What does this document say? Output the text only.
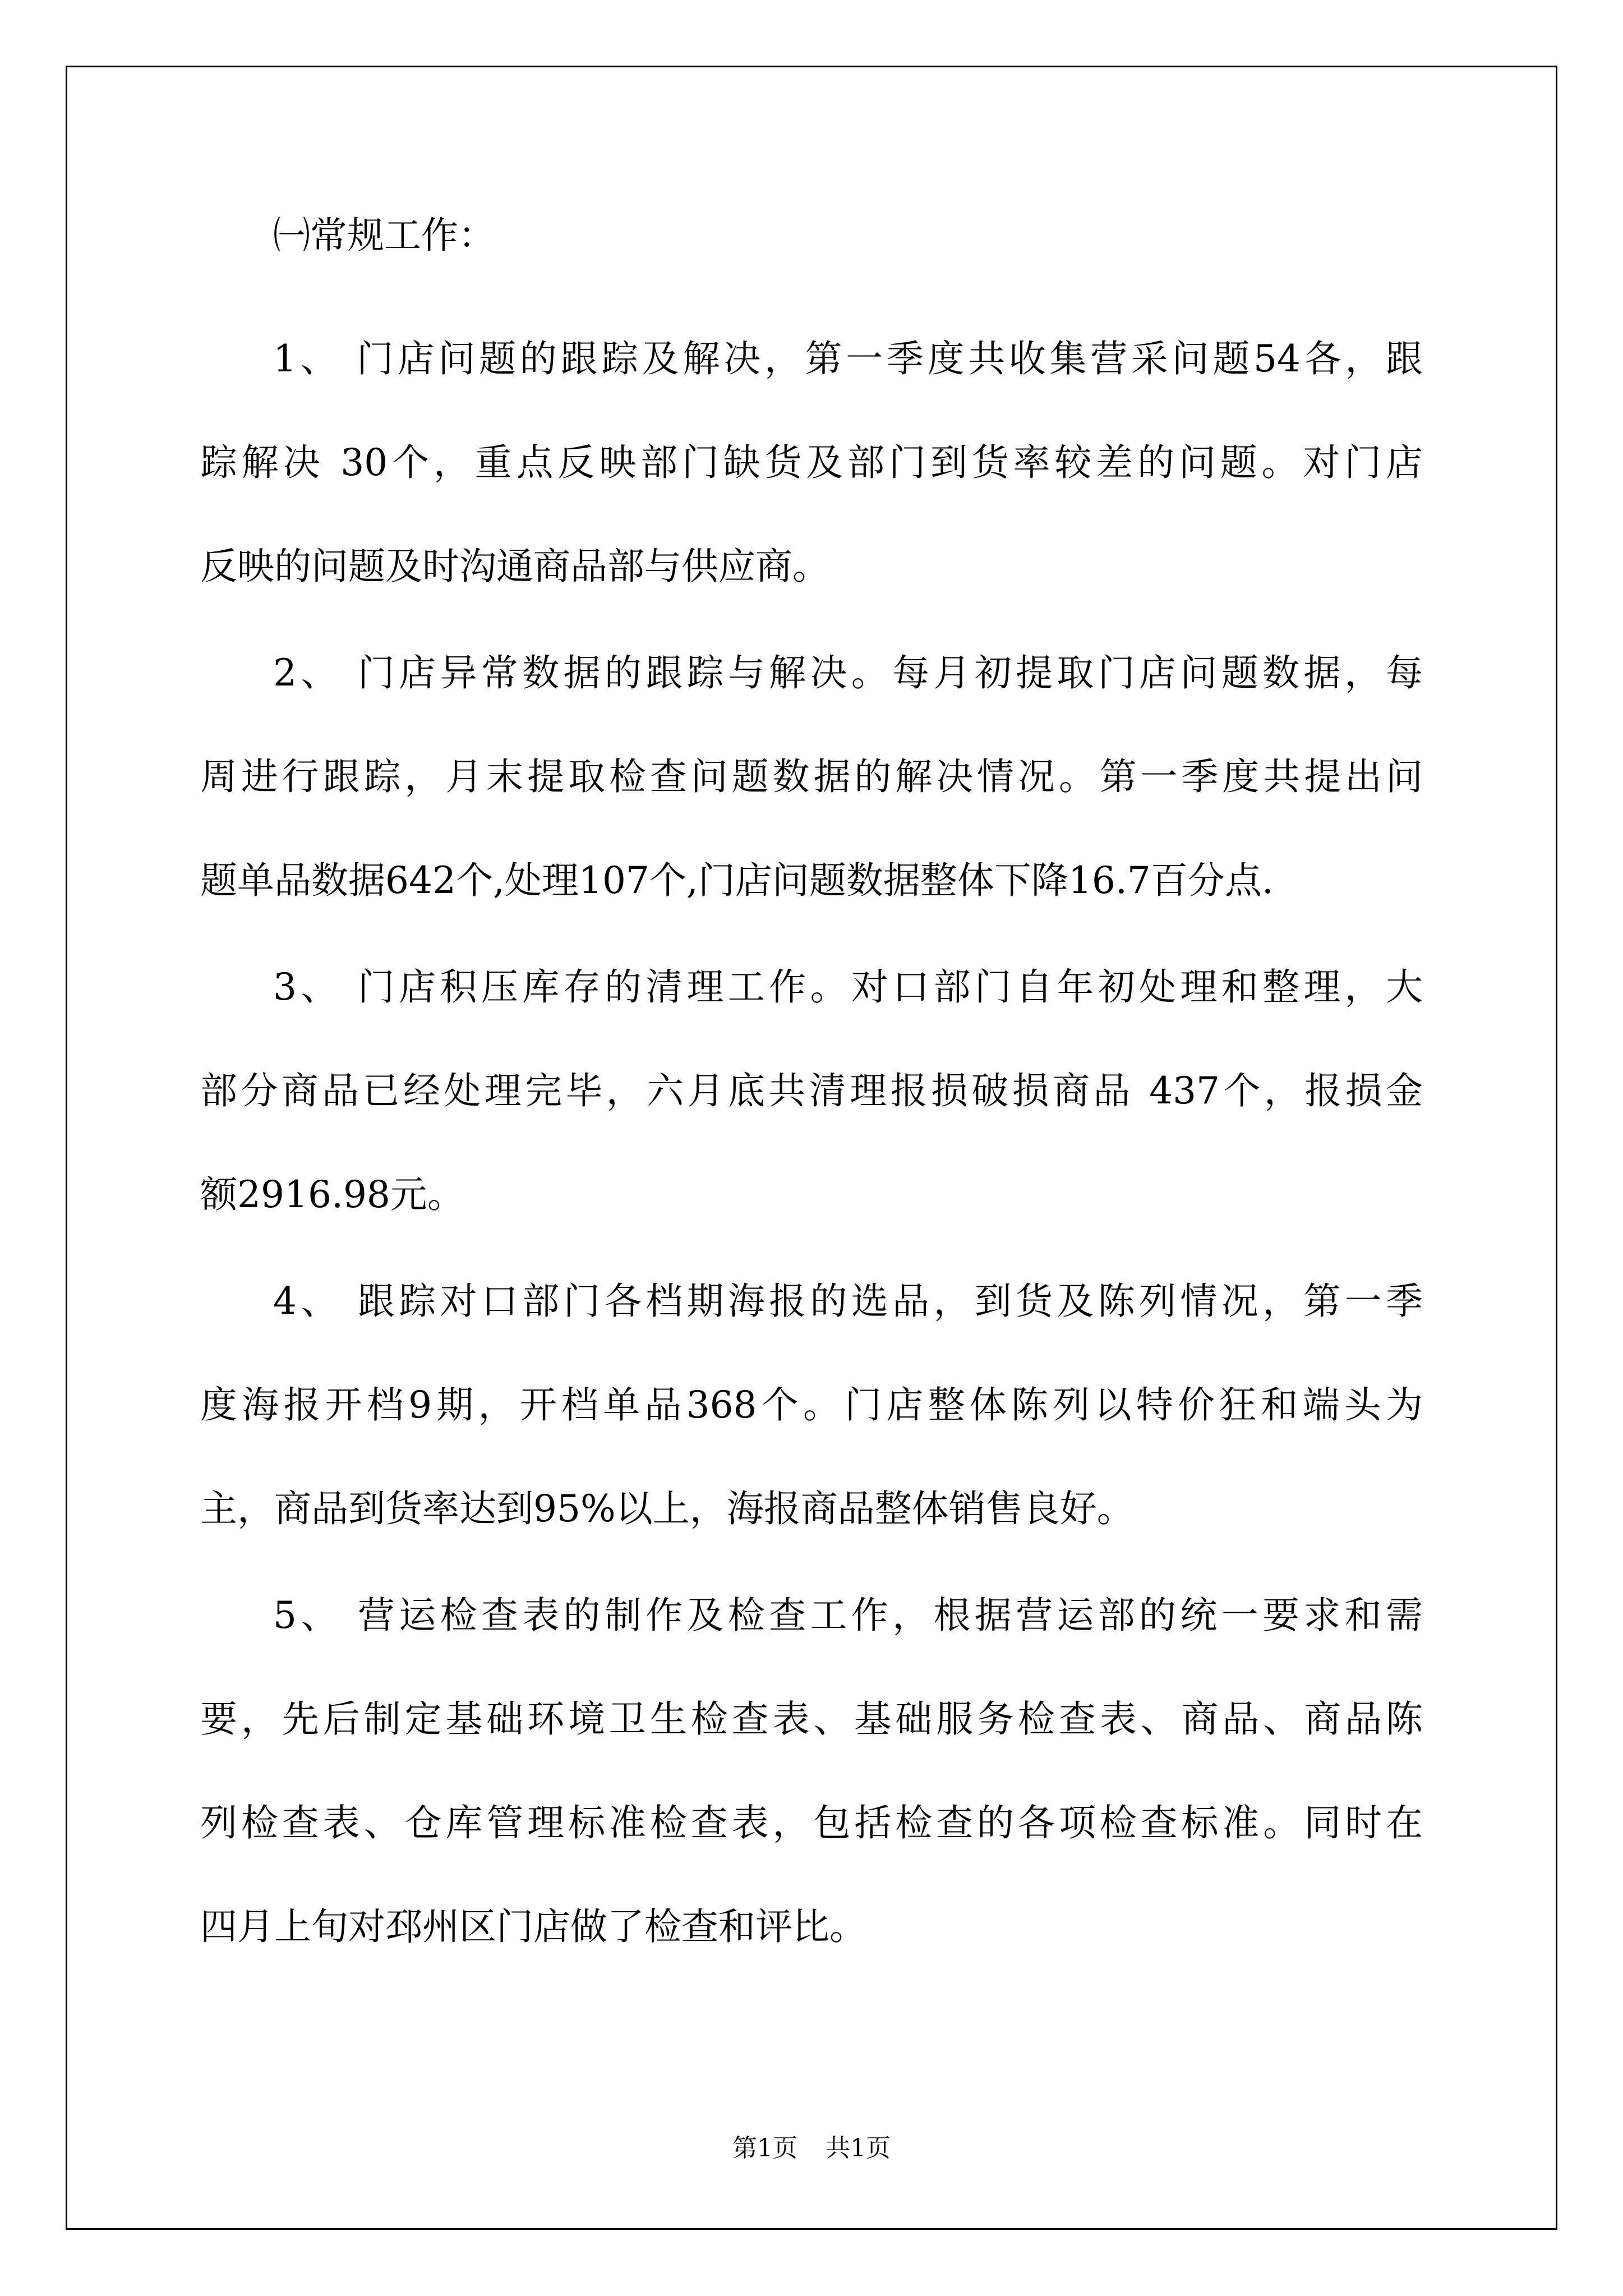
㈠常规工作：
1、 门店问题的跟踪及解决，第一季度共收集营采问题54各，跟
踪解决 30个，重点反映部门缺货及部门到货率较差的问题。对门店
反映的问题及时沟通商品部与供应商。
2、 门店异常数据的跟踪与解决。每月初提取门店问题数据，每
周进行跟踪，月末提取检查问题数据的解决情况。第一季度共提出问
题单品数据642个,处理107个,门店问题数据整体下降16.7百分点.
3、 门店积压库存的清理工作。对口部门自年初处理和整理，大
部分商品已经处理完毕，六月底共清理报损破损商品 437个，报损金
额2916.98元。
4、 跟踪对口部门各档期海报的选品，到货及陈列情况，第一季
度海报开档9期，开档单品368个。门店整体陈列以特价狂和端头为
主，商品到货率达到95%以上，海报商品整体销售良好。
5、 营运检查表的制作及检查工作，根据营运部的统一要求和需
要，先后制定基础环境卫生检查表、基础服务检查表、商品、商品陈
列检查表、仓库管理标准检查表，包括检查的各项检查标准。同时在
四月上旬对邳州区门店做了检查和评比。
第1页 共1页
